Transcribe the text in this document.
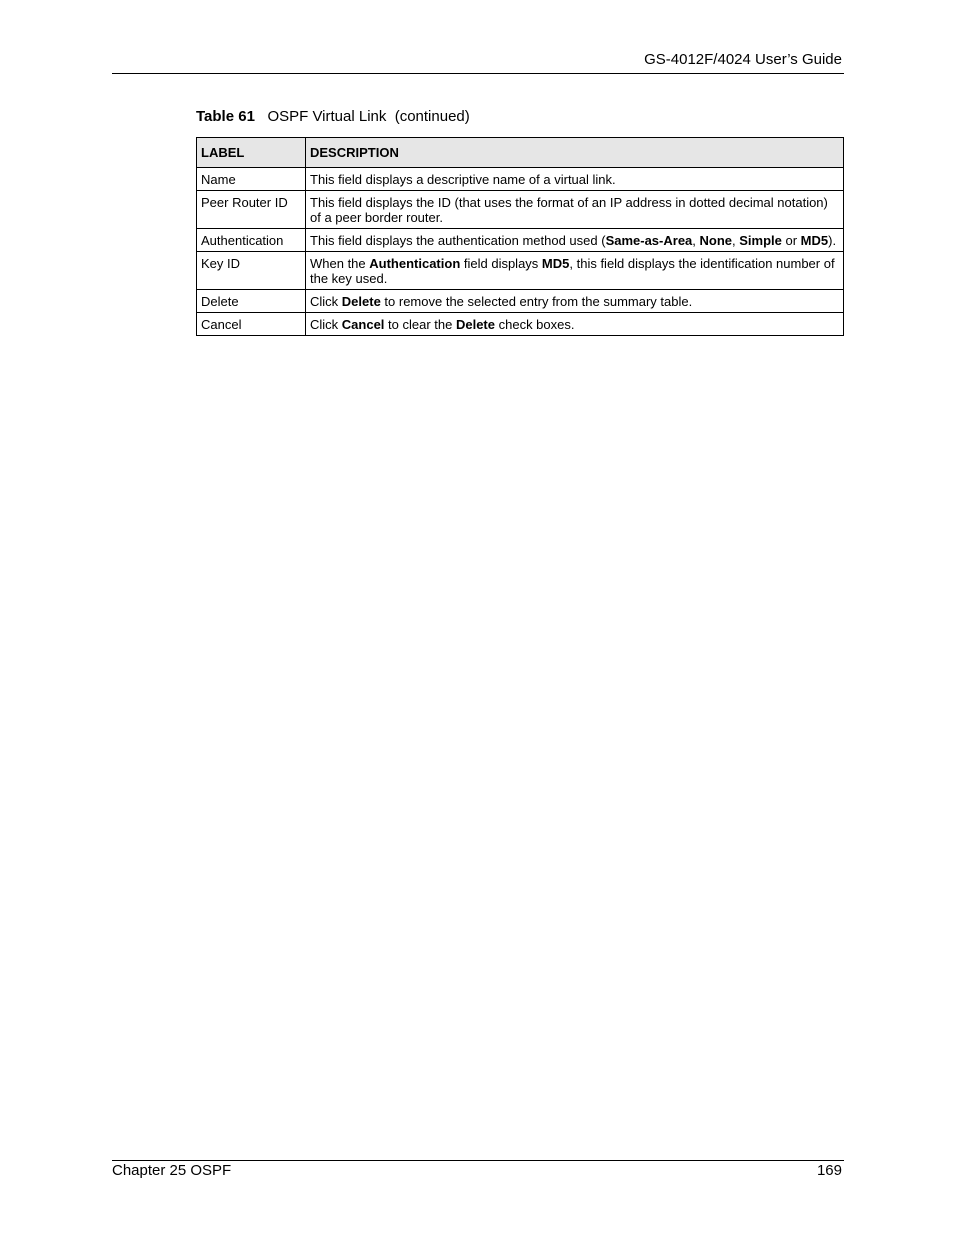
GS-4012F/4024 User’s Guide
Table 61 OSPF Virtual Link  (continued)
LABEL	DESCRIPTION
Name	This field displays a descriptive name of a virtual link.
Peer Router ID	This field displays the ID (that uses the format of an IP address in dotted decimal notation) of a peer border router.
Authentication	This field displays the authentication method used (Same-as-Area, None, Simple or MD5).
Key ID	When the Authentication field displays MD5, this field displays the identification number of the key used.
Delete	Click Delete to remove the selected entry from the summary table.
Cancel	Click Cancel to clear the Delete check boxes.
Chapter 25 OSPF	169
